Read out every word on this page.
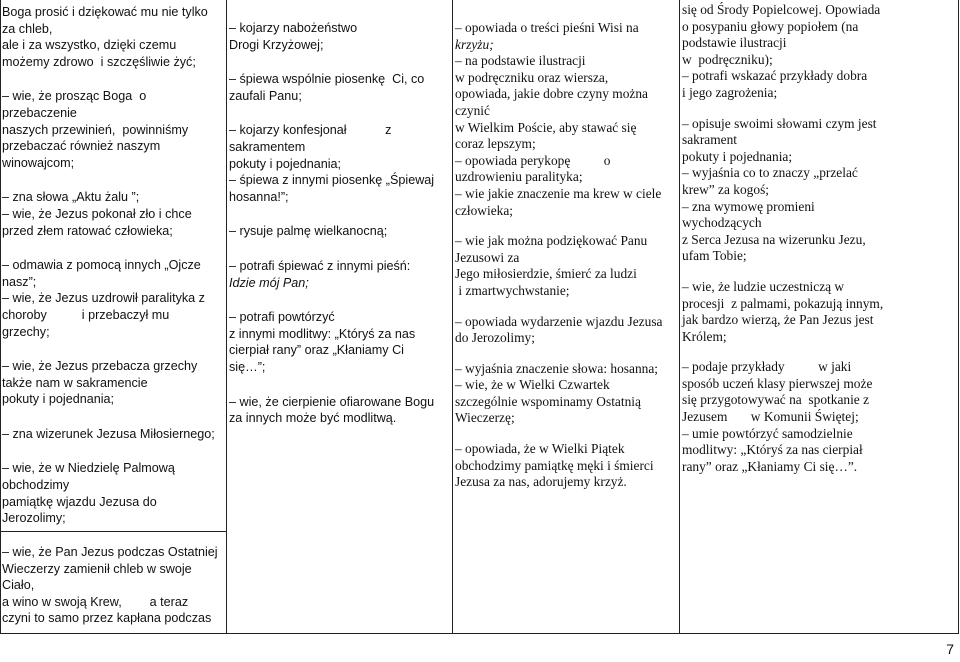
Boga prosić i dziękować mu nie tylko

za chleb,

ale i za wszystko, dzięki czemu

możemy zdrowo  i szczęśliwie żyć;

– wie, że prosząc Boga  o

przebaczenie

naszych przewinień,  powinniśmy

przebaczać również naszym

winowajcom;

– zna słowa „Aktu żalu ”;

– wie, że Jezus pokonał zło i chce

przed złem ratować człowieka;

– odmawia z pomocą innych „Ojcze

nasz”;

– wie, że Jezus uzdrowił paralityka z

choroby          i przebaczył mu

grzechy;

– wie, że Jezus przebacza grzechy

także nam w sakramencie

pokuty i pojednania;

– zna wizerunek Jezusa Miłosiernego;

– wie, że w Niedzielę Palmową

obchodzimy

pamiątkę wjazdu Jezusa do

Jerozolimy;

– wie, że Pan Jezus podczas Ostatniej

Wieczerzy zamienił chleb w swoje

Ciało,

a wino w swoją Krew,        a teraz

czyni to samo przez kapłana podczas

– kojarzy nabożeństwo

Drogi Krzyżowej;

– śpiewa wspólnie piosenkę  Ci, co

zaufali Panu;

– kojarzy konfesjonał           z

sakramentem

pokuty i pojednania;

– śpiewa z innymi piosenkę „Śpiewaj

hosanna!”;

– rysuje palmę wielkanocną;

– potrafi śpiewać z innymi pieśń:

Idzie mój Pan;

– potrafi powtórzyć

z innymi modlitwy: „Któryś za nas

cierpiał rany” oraz „Kłaniamy Ci

się…”;

– wie, że cierpienie ofiarowane Bogu

za innych może być modlitwą.

– opowiada o treści pieśni Wisi na

krzyżu;

– na podstawie ilustracji

w podręczniku oraz wiersza,

opowiada, jakie dobre czyny można

czynić

w Wielkim Poście, aby stawać się

coraz lepszym;

– opowiada perykopę          o

uzdrowieniu paralityka;

– wie jakie znaczenie ma krew w ciele

człowieka;

– wie jak można podziękować Panu

Jezusowi za

Jego miłosierdzie, śmierć za ludzi

i zmartwychwstanie;

– opowiada wydarzenie wjazdu Jezusa

do Jerozolimy;

– wyjaśnia znaczenie słowa: hosanna;

– wie, że w Wielki Czwartek

szczególnie wspominamy Ostatnią

Wieczerzę;

– opowiada, że w Wielki Piątek

obchodzimy pamiątkę męki i śmierci

Jezusa za nas, adorujemy krzyż.

się od Środy Popielcowej. Opowiada

o posypaniu głowy popiołem (na

podstawie ilustracji

w  podręczniku);

– potrafi wskazać przykłady dobra

i jego zagrożenia;

– opisuje swoimi słowami czym jest

sakrament

pokuty i pojednania;

– wyjaśnia co to znaczy „przelać

krew” za kogoś;

– zna wymowę promieni

wychodzących

z Serca Jezusa na wizerunku Jezu,

ufam Tobie;

– wie, że ludzie uczestniczą w

procesji  z palmami, pokazują innym,

jak bardzo wierzą, że Pan Jezus jest

Królem;

– podaje przykłady          w jaki

sposób uczeń klasy pierwszej może

się przygotowywać na  spotkanie z

Jezusem       w Komunii Świętej;

– umie powtórzyć samodzielnie

modlitwy: „Któryś za nas cierpiał

rany” oraz „Kłaniamy Ci się…”.

7
